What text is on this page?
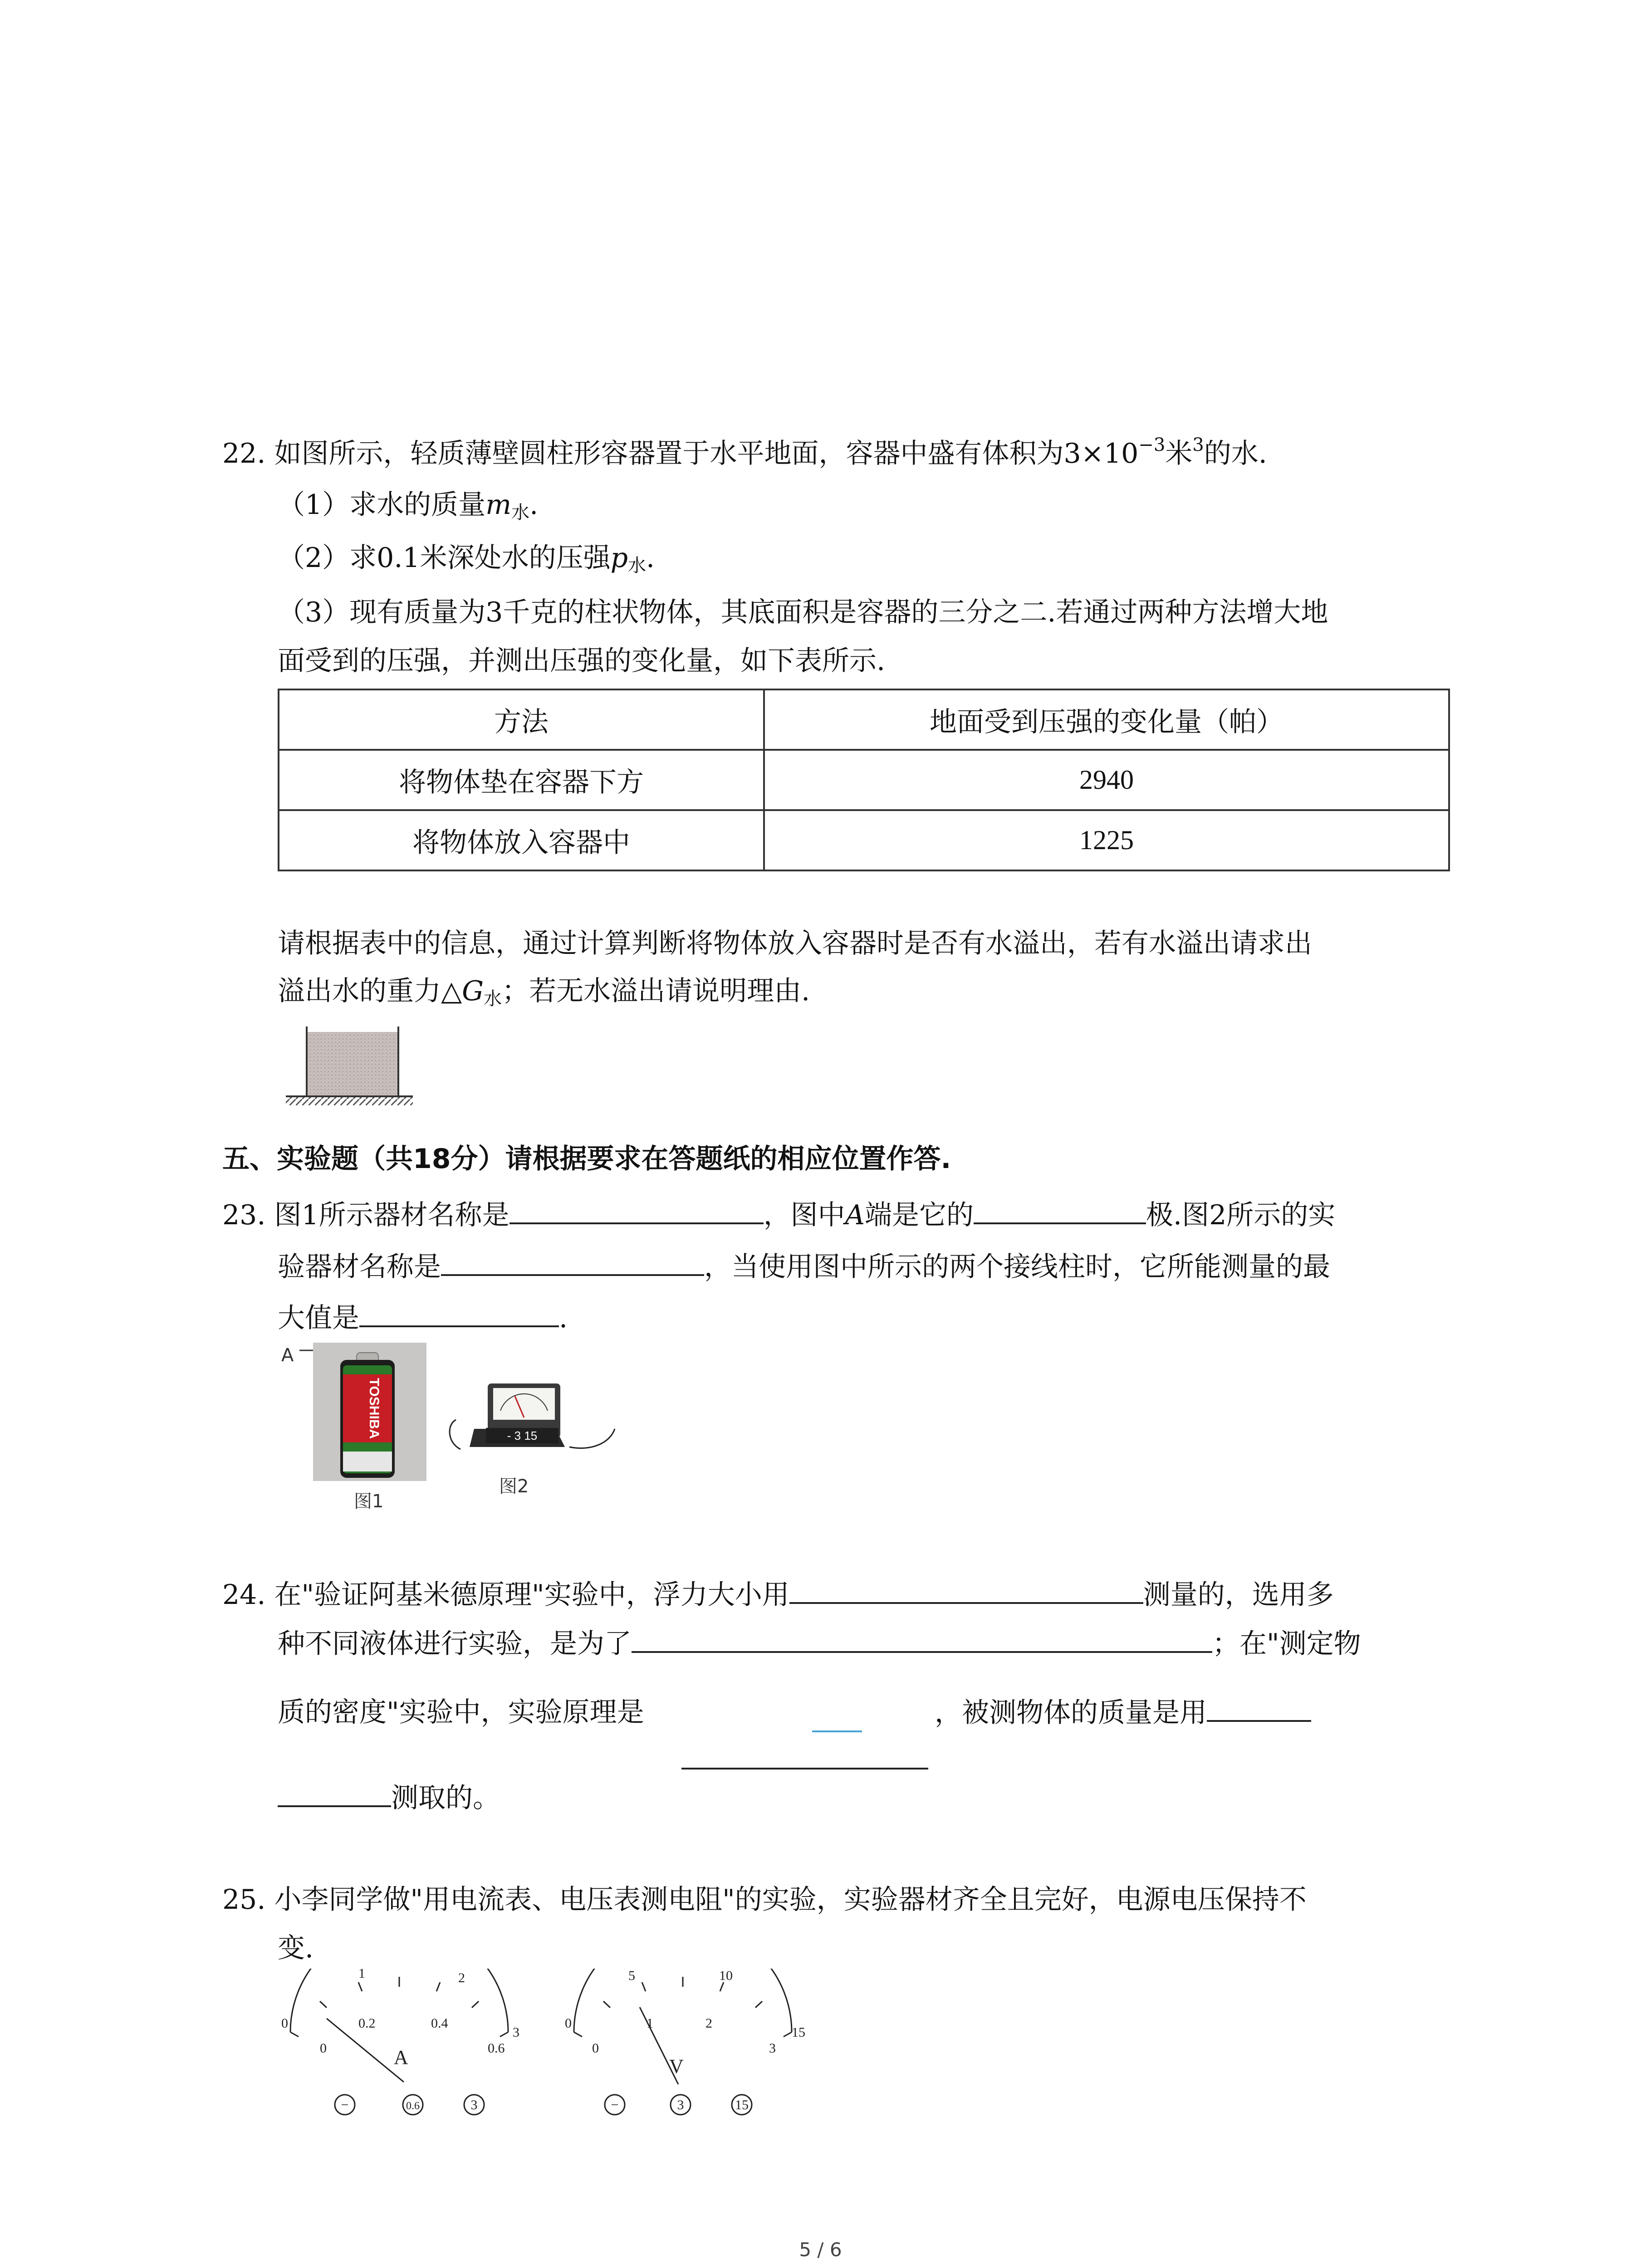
22. 如图所示，轻质薄壁圆柱形容器置于水平地面，容器中盛有体积为$3\times 10^{-3}$米$^3$的水.
（1）求水的质量$m_水$.
（2）求0.1米深处水的压强$p_水$.
（3）现有质量为3千克的柱状物体，其底面积是容器的三分之二.若通过两种方法增大地
面受到的压强，并测出压强的变化量，如下表所示.
方法	地面受到压强的变化量（帕）
将物体垫在容器下方	2940
将物体放入容器中	1225
请根据表中的信息，通过计算判断将物体放入容器时是否有水溢出，若有水溢出请求出
溢出水的重力$\triangle G_水$；若无水溢出请说明理由.
五、实验题（共18分）请根据要求在答题纸的相应位置作答.
23. 图1所示器材名称是	，图中A端是它的	极.图2所示的实
验器材名称是	，当使用图中所示的两个接线柱时，它所能测量的最
大值是	.
A
TOSHIBA
图1
- 3 15
图2
24. 在"验证阿基米德原理"实验中，浮力大小用	测量的，选用多
种不同液体进行实验，是为了	；在"测定物
质的密度"实验中，实验原理是	，被测物体的质量是用
测取的。
25. 小李同学做"用电流表、电压表测电阻"的实验，实验器材齐全且完好，电源电压保持不
变.
0
1	2
3
0
0.2	0.4
0.6
A
−	0.6	3
0
5	10
15
0
1	2
3
V
−	3	15
5 / 6
